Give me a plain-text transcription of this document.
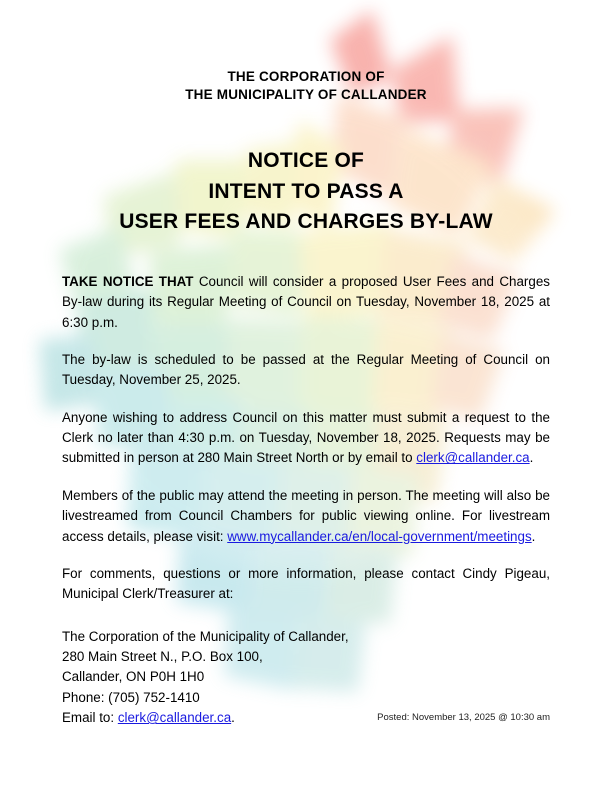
THE CORPORATION OF
THE MUNICIPALITY OF CALLANDER
NOTICE OF
INTENT TO PASS A
USER FEES AND CHARGES BY-LAW

TAKE NOTICE THAT Council will consider a proposed User Fees and Charges By-law during its Regular Meeting of Council on Tuesday, November 18, 2025 at 6:30 p.m.

The by-law is scheduled to be passed at the Regular Meeting of Council on Tuesday, November 25, 2025.

Anyone wishing to address Council on this matter must submit a request to the Clerk no later than 4:30 p.m. on Tuesday, November 18, 2025. Requests may be submitted in person at 280 Main Street North or by email to clerk@callander.ca.

Members of the public may attend the meeting in person. The meeting will also be livestreamed from Council Chambers for public viewing online. For livestream access details, please visit: www.mycallander.ca/en/local-government/meetings.

For comments, questions or more information, please contact Cindy Pigeau, Municipal Clerk/Treasurer at:

The Corporation of the Municipality of Callander,
280 Main Street N., P.O. Box 100,
Callander, ON P0H 1H0
Phone: (705) 752-1410
Email to: clerk@callander.ca.	Posted: November 13, 2025 @ 10:30 am
